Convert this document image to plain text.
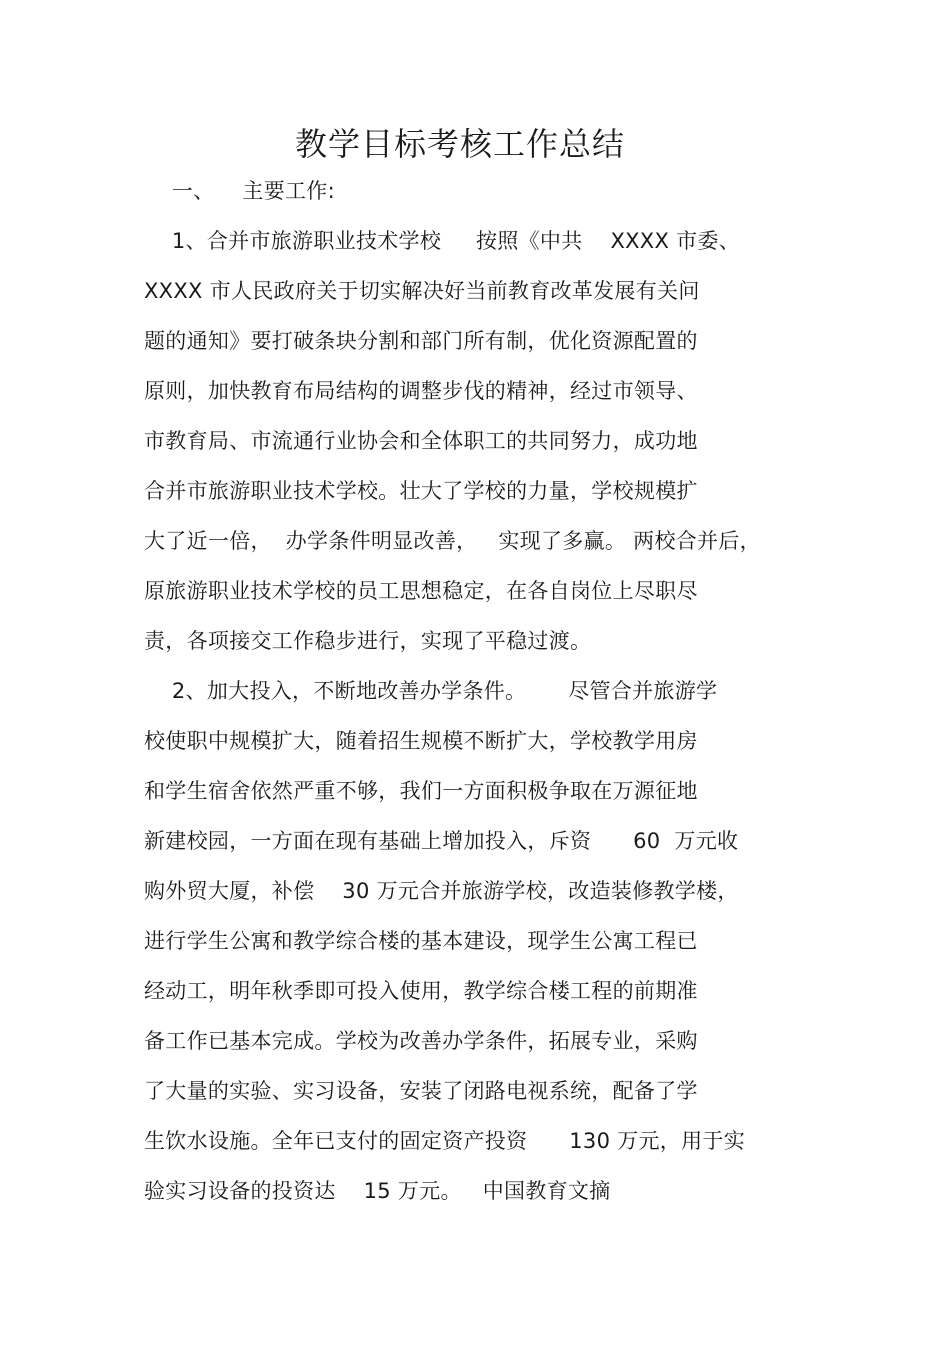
教学目标考核工作总结
一、    主要工作:
1、合并市旅游职业技术学校     按照《中共    XXXX 市委、
XXXX 市人民政府关于切实解决好当前教育改革发展有关问
题的通知》要打破条块分割和部门所有制，优化资源配置的
原则，加快教育布局结构的调整步伐的精神，经过市领导、
市教育局、市流通行业协会和全体职工的共同努力，成功地
合并市旅游职业技术学校。壮大了学校的力量，学校规模扩
大了近一倍，  办学条件明显改善，   实现了多赢。 两校合并后，
原旅游职业技术学校的员工思想稳定，在各自岗位上尽职尽
责，各项接交工作稳步进行，实现了平稳过渡。
2、加大投入，不断地改善办学条件。      尽管合并旅游学
校使职中规模扩大，随着招生规模不断扩大，学校教学用房
和学生宿舍依然严重不够，我们一方面积极争取在万源征地
新建校园，一方面在现有基础上增加投入，斥资      60  万元收
购外贸大厦，补偿    30 万元合并旅游学校，改造装修教学楼，
进行学生公寓和教学综合楼的基本建设，现学生公寓工程已
经动工，明年秋季即可投入使用，教学综合楼工程的前期准
备工作已基本完成。学校为改善办学条件，拓展专业，采购
了大量的实验、实习设备，安装了闭路电视系统，配备了学
生饮水设施。全年已支付的固定资产投资      130 万元，用于实
验实习设备的投资达    15 万元。   中国教育文摘
